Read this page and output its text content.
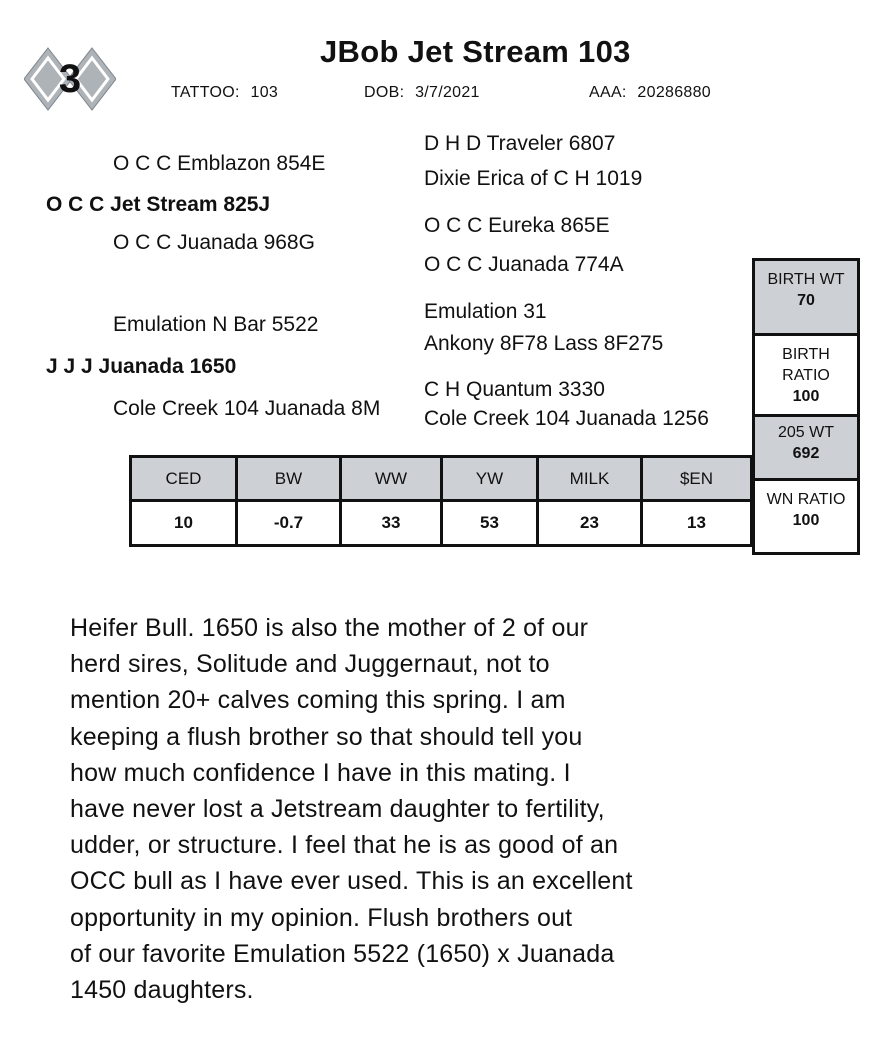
3
JBob Jet Stream 103
TATTOO: 103	DOB: 3/7/2021	AAA: 20286880
O C C Emblazon 854E
O C C Jet Stream 825J
O C C Juanada 968G
Emulation N Bar 5522
J J J Juanada 1650
Cole Creek 104 Juanada 8M
D H D Traveler 6807
Dixie Erica of C H 1019
O C C Eureka 865E
O C C Juanada 774A
Emulation 31
Ankony 8F78 Lass 8F275
C H Quantum 3330
Cole Creek 104 Juanada 1256
CED	BW	WW	YW	MILK	$EN
10	-0.7	33	53	23	13
BIRTH WT
70
BIRTH RATIO
100
205 WT
692
WN RATIO
100

Heifer Bull. 1650 is also the mother of 2 of our

herd sires, Solitude and Juggernaut, not to

mention 20+ calves coming this spring. I am

keeping a flush brother so that should tell you

how much confidence I have in this mating. I

have never lost a Jetstream daughter to fertility,

udder, or structure. I feel that he is as good of an

OCC bull as I have ever used. This is an excellent

opportunity in my opinion. Flush brothers out

of our favorite Emulation 5522 (1650) x Juanada

1450 daughters.
